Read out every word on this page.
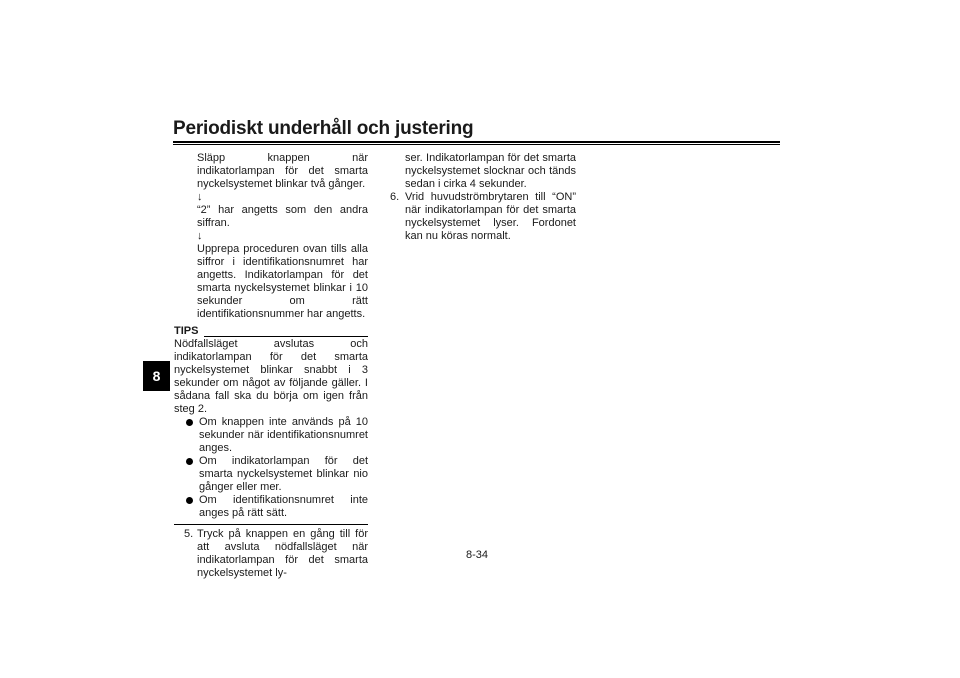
Periodiskt underhåll och justering
8

Släpp knappen när indikatorlampan för det smarta nyckelsystemet blinkar två gånger.

↓

“2” har angetts som den andra siffran.

↓

Upprepa proceduren ovan tills alla siffror i identifikationsnumret har angetts. Indikatorlampan för det smarta nyckelsystemet blinkar i 10 sekunder om rätt identifikationsnummer har angetts.

TIPS

Nödfallsläget avslutas och indikatorlampan för det smarta nyckelsystemet blinkar snabbt i 3 sekunder om något av följande gäller. I sådana fall ska du börja om igen från steg 2.

Om knappen inte används på 10 sekunder när identifikationsnumret anges.
Om indikatorlampan för det smarta nyckelsystemet blinkar nio gånger eller mer.
Om identifikationsnumret inte anges på rätt sätt.
5. Tryck på knappen en gång till för att avsluta nödfallsläget när indikatorlampan för det smarta nyckelsystemet ly-

ser. Indikatorlampan för det smarta nyckelsystemet slocknar och tänds sedan i cirka 4 sekunder.

6. Vrid huvudströmbrytaren till “ON” när indikatorlampan för det smarta nyckelsystemet lyser. Fordonet kan nu köras normalt.
8-34
